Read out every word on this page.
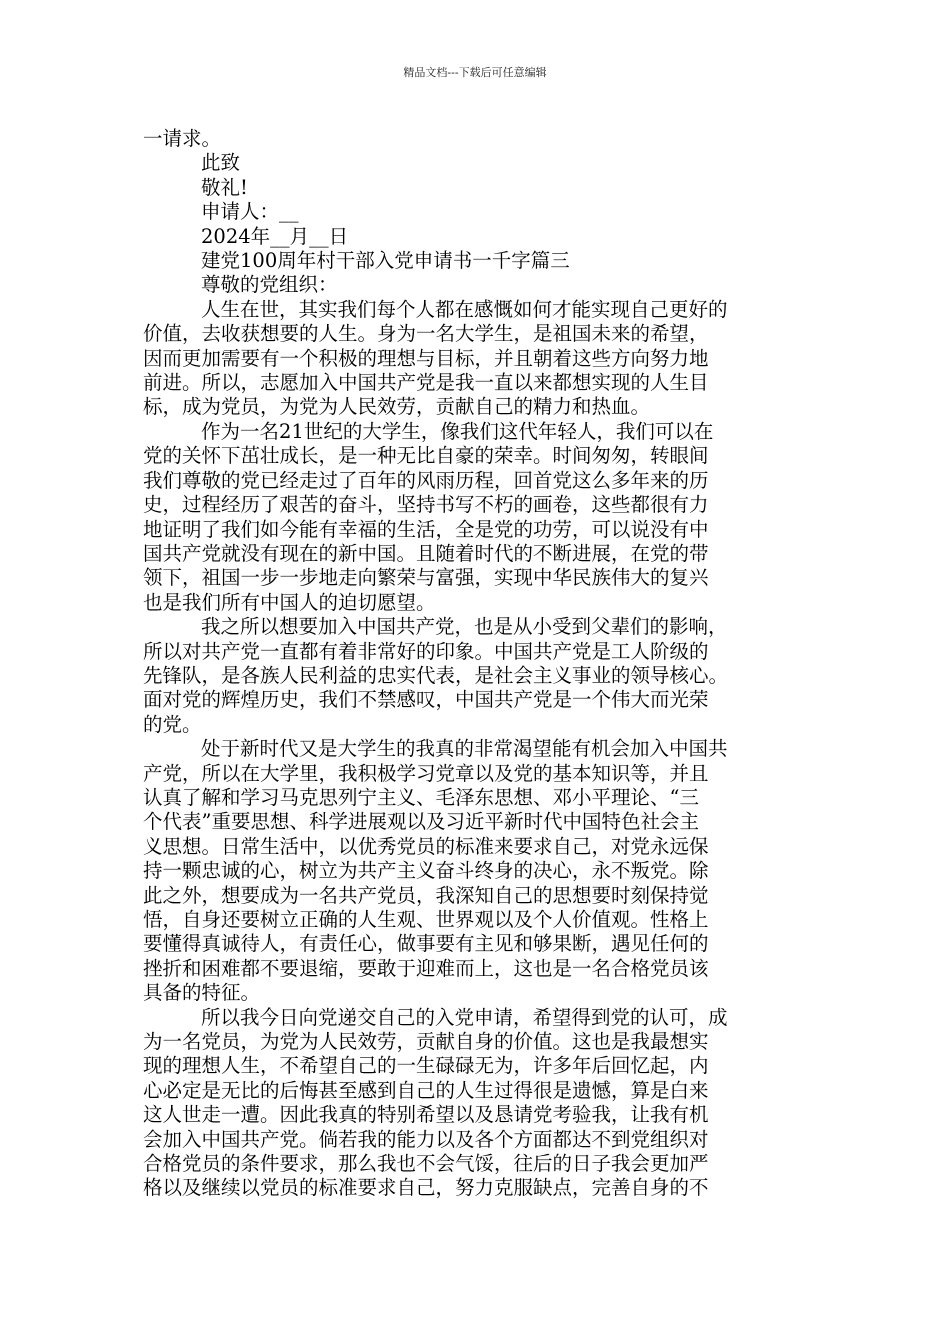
精品文档---下载后可任意编辑
一请求。
此致
敬礼!
申请人：__
2024年__月__日
建党100周年村干部入党申请书一千字篇三
尊敬的党组织：
人生在世，其实我们每个人都在感慨如何才能实现自己更好的
价值，去收获想要的人生。身为一名大学生，是祖国未来的希望，
因而更加需要有一个积极的理想与目标，并且朝着这些方向努力地
前进。所以，志愿加入中国共产党是我一直以来都想实现的人生目
标，成为党员，为党为人民效劳，贡献自己的精力和热血。
作为一名21世纪的大学生，像我们这代年轻人，我们可以在
党的关怀下茁壮成长，是一种无比自豪的荣幸。时间匆匆，转眼间
我们尊敬的党已经走过了百年的风雨历程，回首党这么多年来的历
史，过程经历了艰苦的奋斗，坚持书写不朽的画卷，这些都很有力
地证明了我们如今能有幸福的生活，全是党的功劳，可以说没有中
国共产党就没有现在的新中国。且随着时代的不断进展，在党的带
领下，祖国一步一步地走向繁荣与富强，实现中华民族伟大的复兴
也是我们所有中国人的迫切愿望。
我之所以想要加入中国共产党，也是从小受到父辈们的影响，
所以对共产党一直都有着非常好的印象。中国共产党是工人阶级的
先锋队，是各族人民利益的忠实代表，是社会主义事业的领导核心。
面对党的辉煌历史，我们不禁感叹，中国共产党是一个伟大而光荣
的党。
处于新时代又是大学生的我真的非常渴望能有机会加入中国共
产党，所以在大学里，我积极学习党章以及党的基本知识等，并且
认真了解和学习马克思列宁主义、毛泽东思想、邓小平理论、“三
个代表”重要思想、科学进展观以及习近平新时代中国特色社会主
义思想。日常生活中，以优秀党员的标准来要求自己，对党永远保
持一颗忠诚的心，树立为共产主义奋斗终身的决心，永不叛党。除
此之外，想要成为一名共产党员，我深知自己的思想要时刻保持觉
悟，自身还要树立正确的人生观、世界观以及个人价值观。性格上
要懂得真诚待人，有责任心，做事要有主见和够果断，遇见任何的
挫折和困难都不要退缩，要敢于迎难而上，这也是一名合格党员该
具备的特征。
所以我今日向党递交自己的入党申请，希望得到党的认可，成
为一名党员，为党为人民效劳，贡献自身的价值。这也是我最想实
现的理想人生，不希望自己的一生碌碌无为，许多年后回忆起，内
心必定是无比的后悔甚至感到自己的人生过得很是遗憾，算是白来
这人世走一遭。因此我真的特别希望以及恳请党考验我，让我有机
会加入中国共产党。倘若我的能力以及各个方面都达不到党组织对
合格党员的条件要求，那么我也不会气馁，往后的日子我会更加严
格以及继续以党员的标准要求自己，努力克服缺点，完善自身的不
